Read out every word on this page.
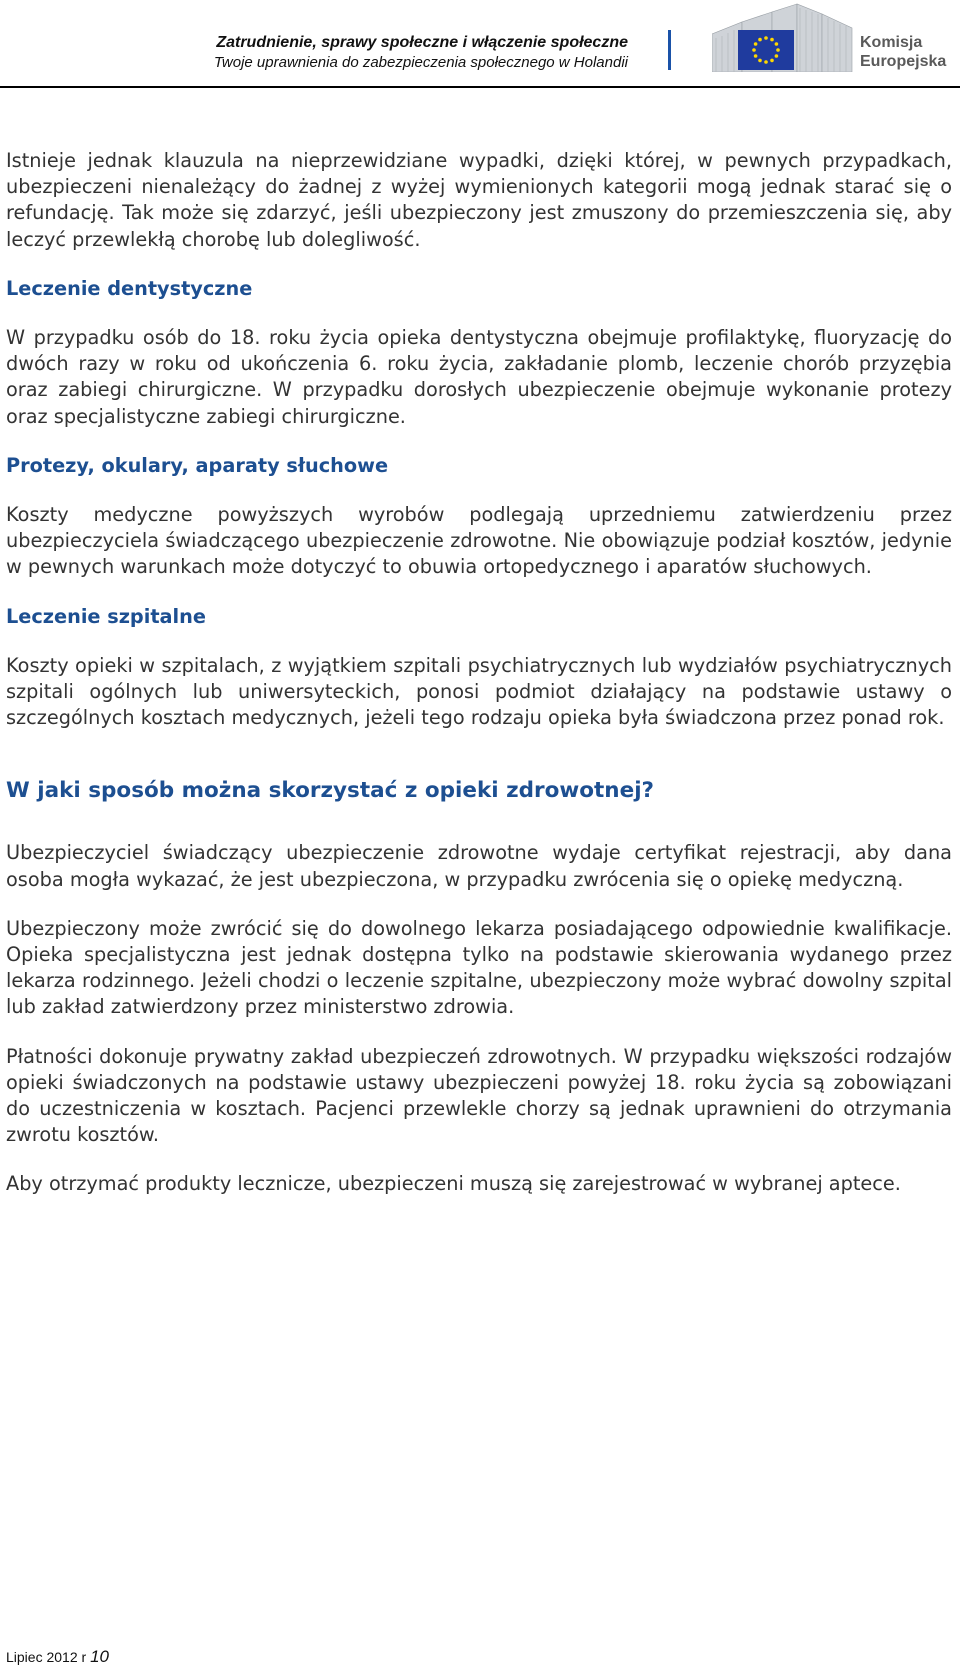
Zatrudnienie, sprawy społeczne i włączenie społeczne
Twoje uprawnienia do zabezpieczenia społecznego w Holandii
Komisja
Europejska

Istnieje jednak klauzula na nieprzewidziane wypadki, dzięki której, w pewnych przypadkach, ubezpieczeni nienależący do żadnej z wyżej wymienionych kategorii mogą jednak starać się o refundację. Tak może się zdarzyć, jeśli ubezpieczony jest zmuszony do przemieszczenia się, aby leczyć przewlekłą chorobę lub dolegliwość.

Leczenie dentystyczne

W przypadku osób do 18. roku życia opieka dentystyczna obejmuje profilaktykę, fluoryzację do dwóch razy w roku od ukończenia 6. roku życia, zakładanie plomb, leczenie chorób przyzębia oraz zabiegi chirurgiczne. W przypadku dorosłych ubezpieczenie obejmuje wykonanie protezy oraz specjalistyczne zabiegi chirurgiczne.

Protezy, okulary, aparaty słuchowe

Koszty medyczne powyższych wyrobów podlegają uprzedniemu zatwierdzeniu przez ubezpieczyciela świadczącego ubezpieczenie zdrowotne. Nie obowiązuje podział kosztów, jedynie w pewnych warunkach może dotyczyć to obuwia ortopedycznego i aparatów słuchowych.

Leczenie szpitalne

Koszty opieki w szpitalach, z wyjątkiem szpitali psychiatrycznych lub wydziałów psychiatrycznych szpitali ogólnych lub uniwersyteckich, ponosi podmiot działający na podstawie ustawy o szczególnych kosztach medycznych, jeżeli tego rodzaju opieka była świadczona przez ponad rok.

W jaki sposób można skorzystać z opieki zdrowotnej?

Ubezpieczyciel świadczący ubezpieczenie zdrowotne wydaje certyfikat rejestracji, aby dana osoba mogła wykazać, że jest ubezpieczona, w przypadku zwrócenia się o opiekę medyczną.

Ubezpieczony może zwrócić się do dowolnego lekarza posiadającego odpowiednie kwalifikacje. Opieka specjalistyczna jest jednak dostępna tylko na podstawie skierowania wydanego przez lekarza rodzinnego. Jeżeli chodzi o leczenie szpitalne, ubezpieczony może wybrać dowolny szpital lub zakład zatwierdzony przez ministerstwo zdrowia.

Płatności dokonuje prywatny zakład ubezpieczeń zdrowotnych. W przypadku większości rodzajów opieki świadczonych na podstawie ustawy ubezpieczeni powyżej 18. roku życia są zobowiązani do uczestniczenia w kosztach. Pacjenci przewlekle chorzy są jednak uprawnieni do otrzymania zwrotu kosztów.

Aby otrzymać produkty lecznicze, ubezpieczeni muszą się zarejestrować w wybranej aptece.

Lipiec 2012 r 10
